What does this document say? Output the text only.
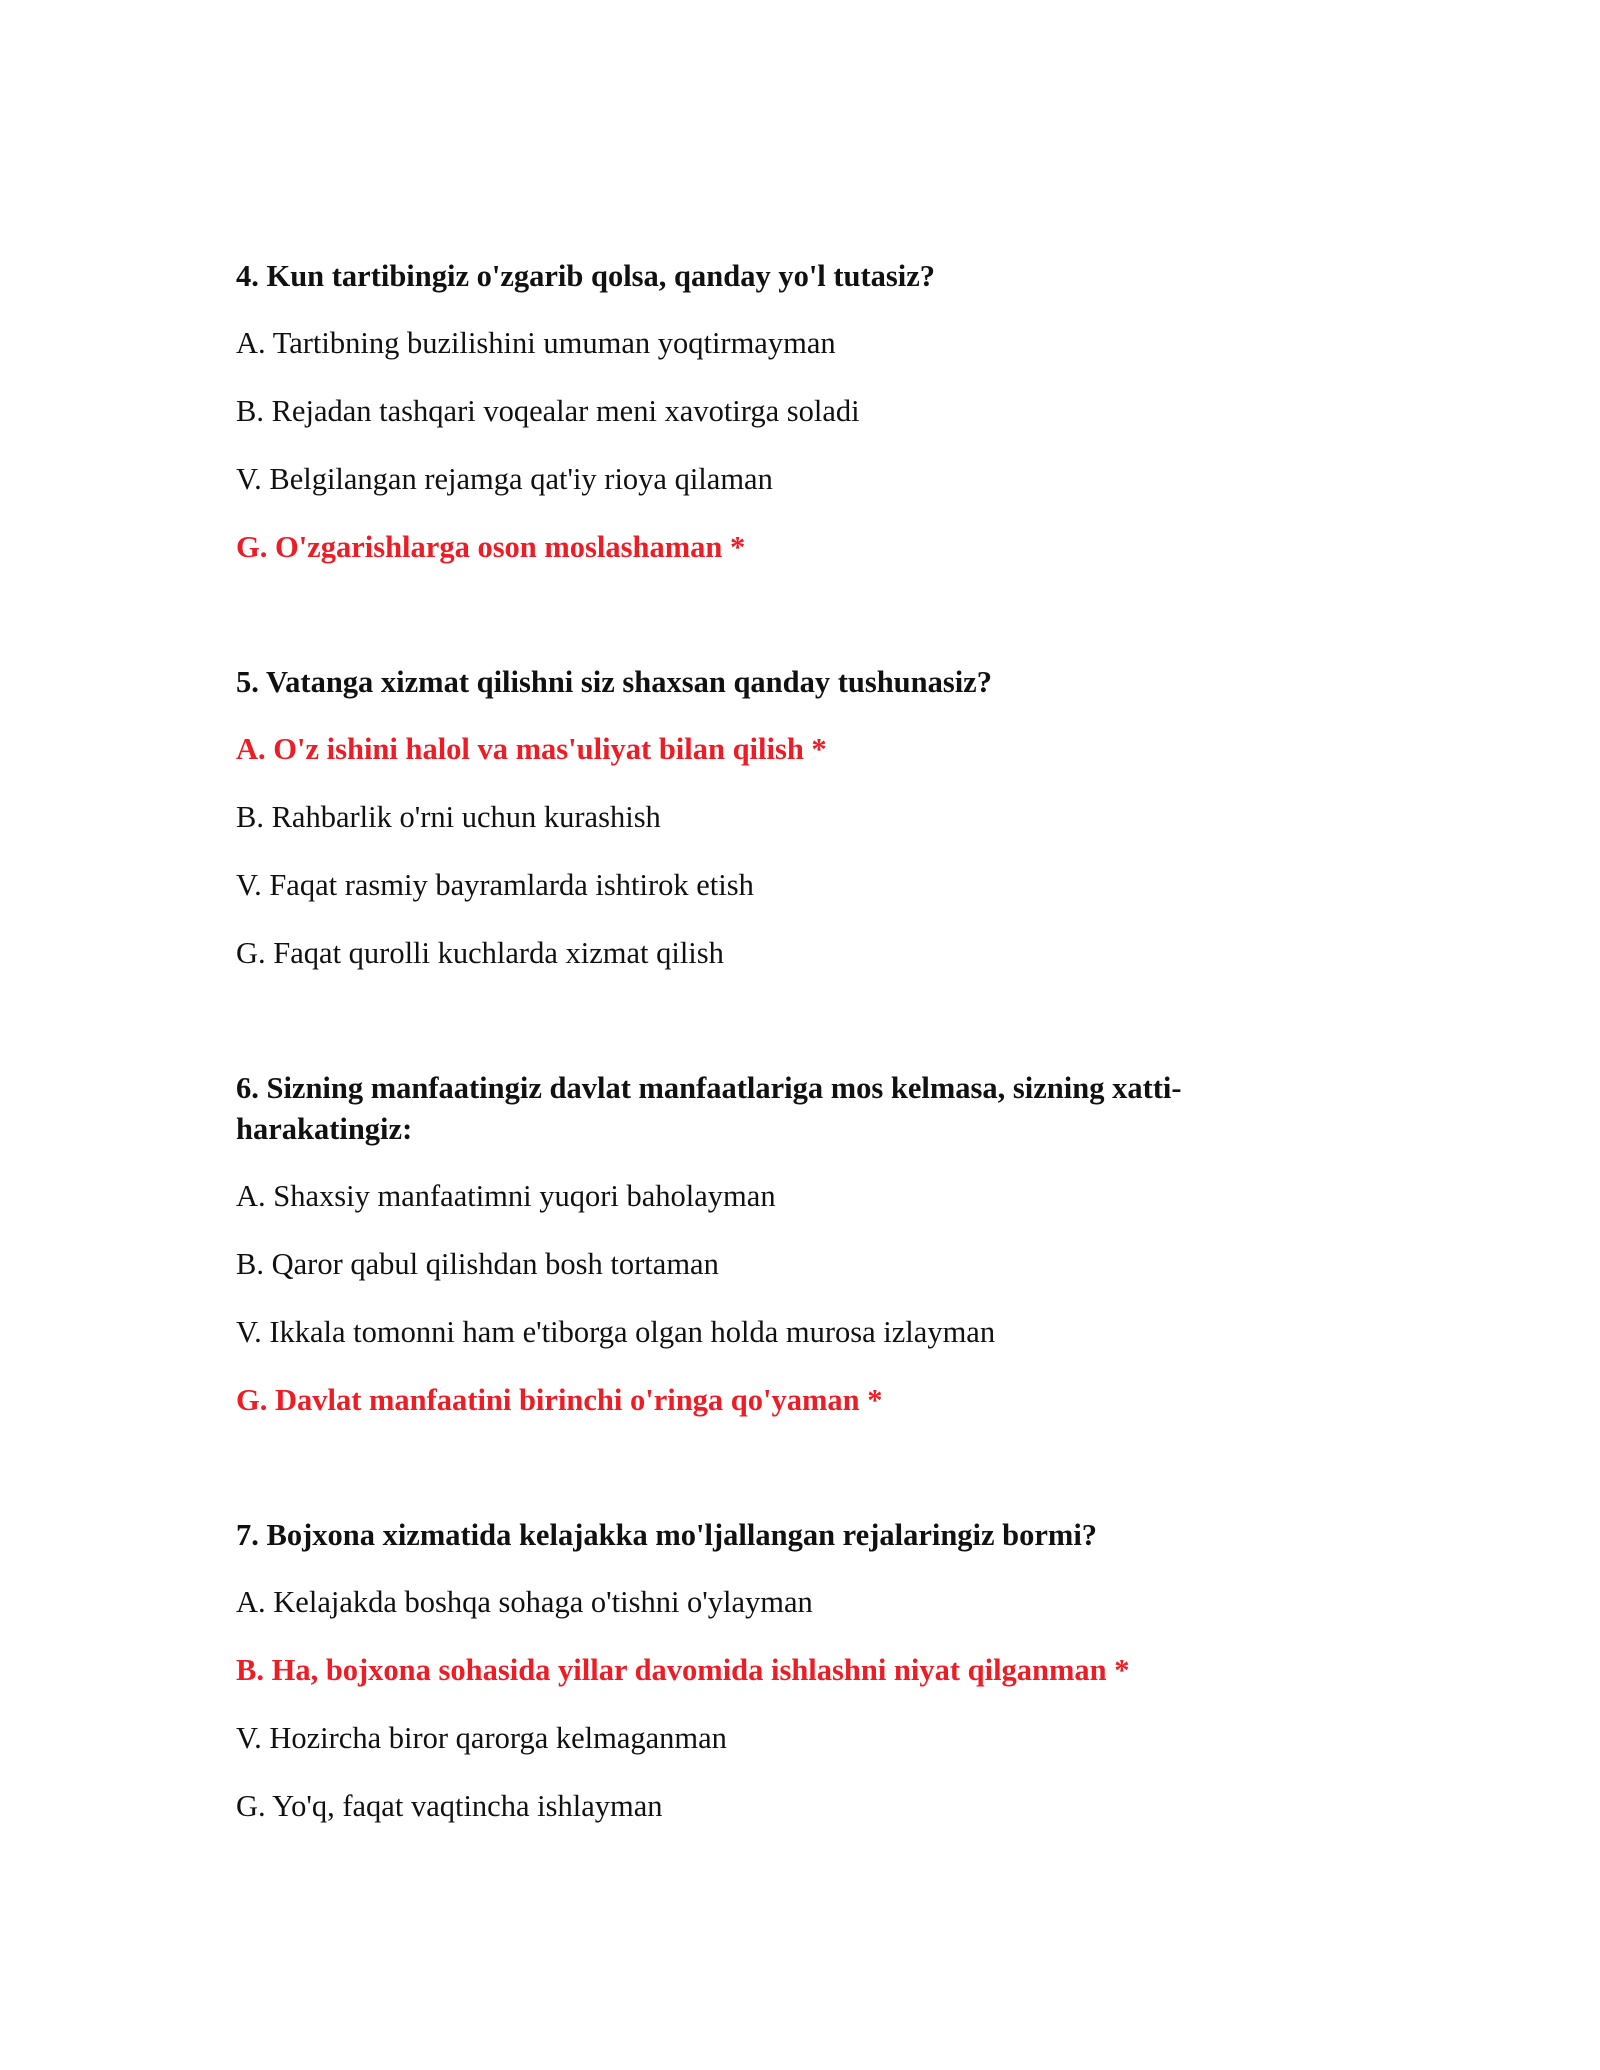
4. Kun tartibingiz o'zgarib qolsa, qanday yo'l tutasiz?

A. Tartibning buzilishini umuman yoqtirmayman

B. Rejadan tashqari voqealar meni xavotirga soladi

V. Belgilangan rejamga qat'iy rioya qilaman

G. O'zgarishlarga oson moslashaman *

5. Vatanga xizmat qilishni siz shaxsan qanday tushunasiz?

A. O'z ishini halol va mas'uliyat bilan qilish *

B. Rahbarlik o'rni uchun kurashish

V. Faqat rasmiy bayramlarda ishtirok etish

G. Faqat qurolli kuchlarda xizmat qilish

6. Sizning manfaatingiz davlat manfaatlariga mos kelmasa, sizning xatti-harakatingiz:

A. Shaxsiy manfaatimni yuqori baholayman

B. Qaror qabul qilishdan bosh tortaman

V. Ikkala tomonni ham e'tiborga olgan holda murosa izlayman

G. Davlat manfaatini birinchi o'ringa qo'yaman *

7. Bojxona xizmatida kelajakka mo'ljallangan rejalaringiz bormi?

A. Kelajakda boshqa sohaga o'tishni o'ylayman

B. Ha, bojxona sohasida yillar davomida ishlashni niyat qilganman *

V. Hozircha biror qarorga kelmaganman

G. Yo'q, faqat vaqtincha ishlayman
